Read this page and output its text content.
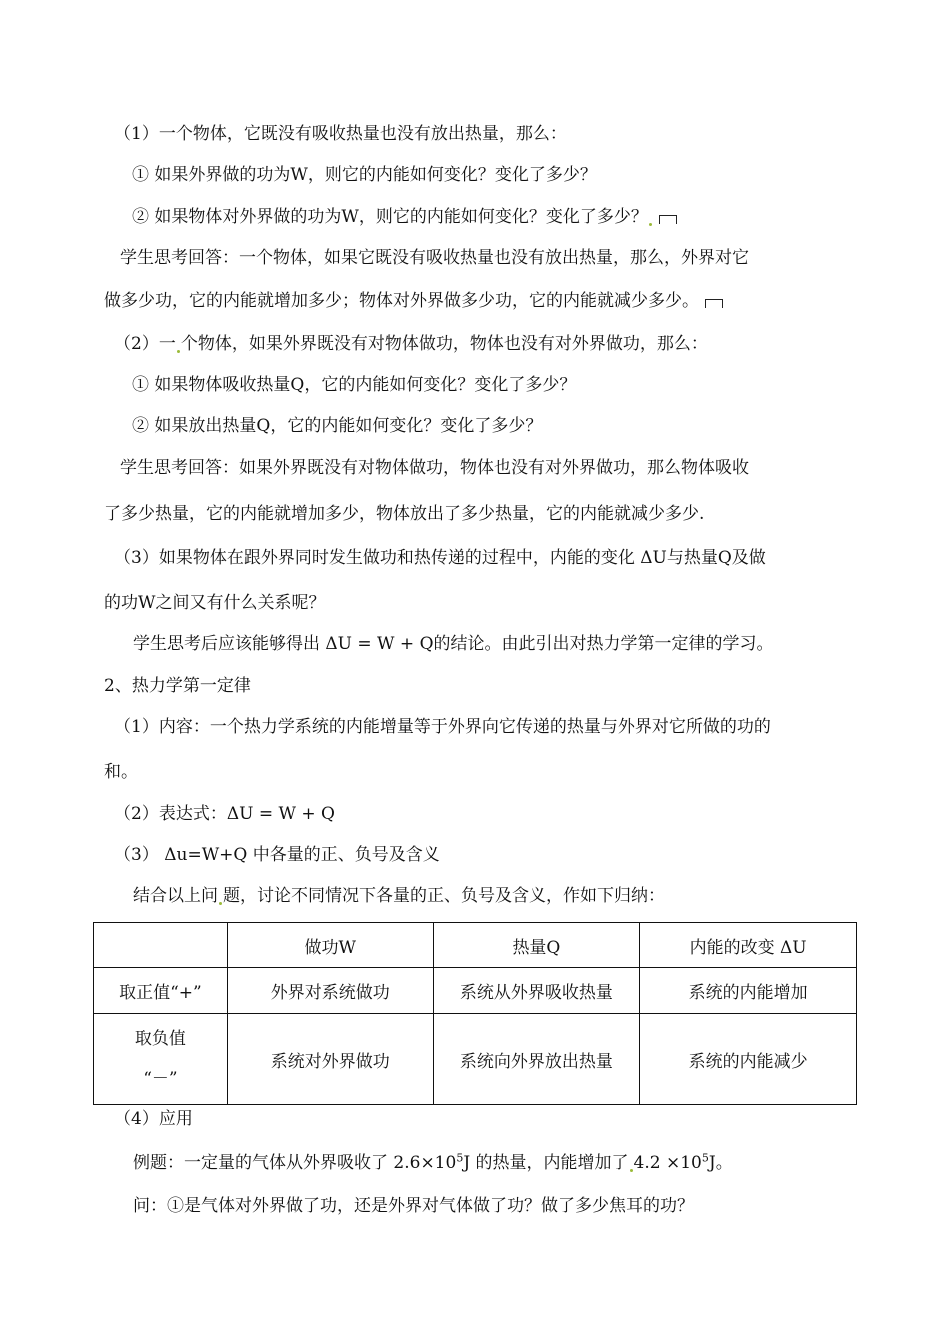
（1）一个物体，它既没有吸收热量也没有放出热量，那么：
① 如果外界做的功为W，则它的内能如何变化？变化了多少？
② 如果物体对外界做的功为W，则它的内能如何变化？变化了多少？
学生思考回答：一个物体，如果它既没有吸收热量也没有放出热量，那么，外界对它
做多少功，它的内能就增加多少；物体对外界做多少功，它的内能就减少多少。
（2）一 个物体，如果外界既没有对物体做功，物体也没有对外界做功，那么：
① 如果物体吸收热量Q，它的内能如何变化？变化了多少？
② 如果放出热量Q，它的内能如何变化？变化了多少？
学生思考回答：如果外界既没有对物体做功，物体也没有对外界做功，那么物体吸收
了多少热量，它的内能就增加多少，物体放出了多少热量，它的内能就减少多少.
（3）如果物体在跟外界同时发生做功和热传递的过程中，内能的变化 ΔU与热量Q及做
的功W之间又有什么关系呢？
学生思考后应该能够得出 ΔU = W + Q的结论。由此引出对热力学第一定律的学习。
2、热力学第一定律
（1）内容：一个热力学系统的内能增量等于外界向它传递的热量与外界对它所做的功的
和。
（2）表达式：ΔU = W + Q
（3） Δu=W+Q 中各量的正、负号及含义
结合以上问 题，讨论不同情况下各量的正、负号及含义，作如下归纳：
	做功W	热量Q	内能的改变 ΔU
取正值“+”	外界对系统做功	系统从外界吸收热量	系统的内能增加

取负值
“－”	系统对外界做功	系统向外界放出热量	系统的内能减少
（4）应用
例题：一定量的气体从外界吸收了 $2.6\times 10^5J$ 的热量，内能增加了 $4.2 \times 10^5J$。
问：①是气体对外界做了功，还是外界对气体做了功？做了多少焦耳的功？
